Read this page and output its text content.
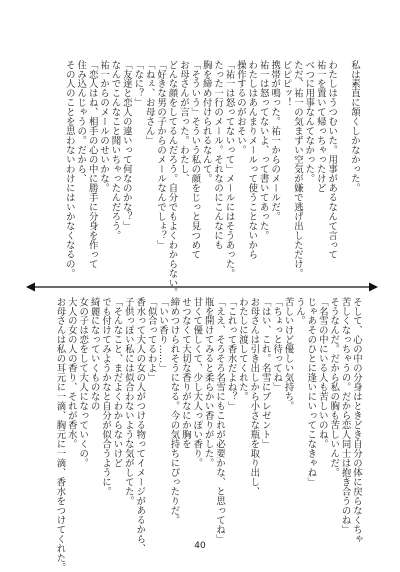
私は素直に頷くしかなかった。

わたしはうつむいた。用事があるなんて言って
祐一を置いて帰っちゃったけど
べつに用事なんてなかった。
ただ、祐一の気まずい空気が嫌で逃げ出しただけ。
ピピピッ！
携帯が鳴った。祐一からのメールだ。
祐一は怒ってないよ、って書いてあった。
わたしはあんまりメールって使うことないから
操作するのがおそい。
「祐一は怒ってないって」メールにはそうあった。
たった一行のメール。それなのにこんなにも
胸を締め付けられるなんて。
「そういう」そういう私の顔をじっと見つめて
お母さんが言った。わたし、
どんな顔をしてるんだろう。自分でもよくわからない。
「好きな男の子からのメールなんでしょ？」
「ねぇ、お母さん」
「なに？」
「友達と恋人の違いって何なのかな？」
なんでこんなこと聞いちゃったんだろう。
祐一からのメールのせいかな。
「恋人はね、相手の心の中に勝手に分身を作って
住み込んじゃうの。だから、
その人のことを思わないわけにはいかなくなるの。
そして、心の中の分身はときどき自分の体に戻らなくちゃ
苦しくなっちゃうの。だから恋人同士は抱き合うのね」
そうなんだ。だから私の胸も苦しいんだ。
「名雪の中にいる人も苦しいのね。
じゃあそのひとに逢いにいってこなきゃね」
うん。
苦しいけど優しい気持ち。
「ちょっと待ってね」
「はい、これ。名雪にプレゼント」
お母さんは引き出しから小さな瓶を取り出し、
わたしに渡してくれた。
「これって香水だよね？」
「ええ、そろそろ名雪にもこれが必要かな、と思ってね」
瓶を開けてみると柔らかい香りがした。
甘くて優しくて、少し大人っぽい香り。
せつなくて大切な香りがなにか胸を
締めつけられそうになる。今の気持ちにぴったりだ。
「いい香り……」
「似合ってるわよ」
香水って大人の女の人がつける物ってイメージがあるから、
子供っぽい私には似合わないような気がしてた。
「そんなこと、まだよくわからないけど
でも付けてみようかなと自分が似合うように。
綺麗になっていくものなの
女の子は恋をして大人になっていくの。
大人の女の人の香り、それが香水。
お母さんは私の耳元に一滴、胸元に一滴、香水をつけてくれた。	40
